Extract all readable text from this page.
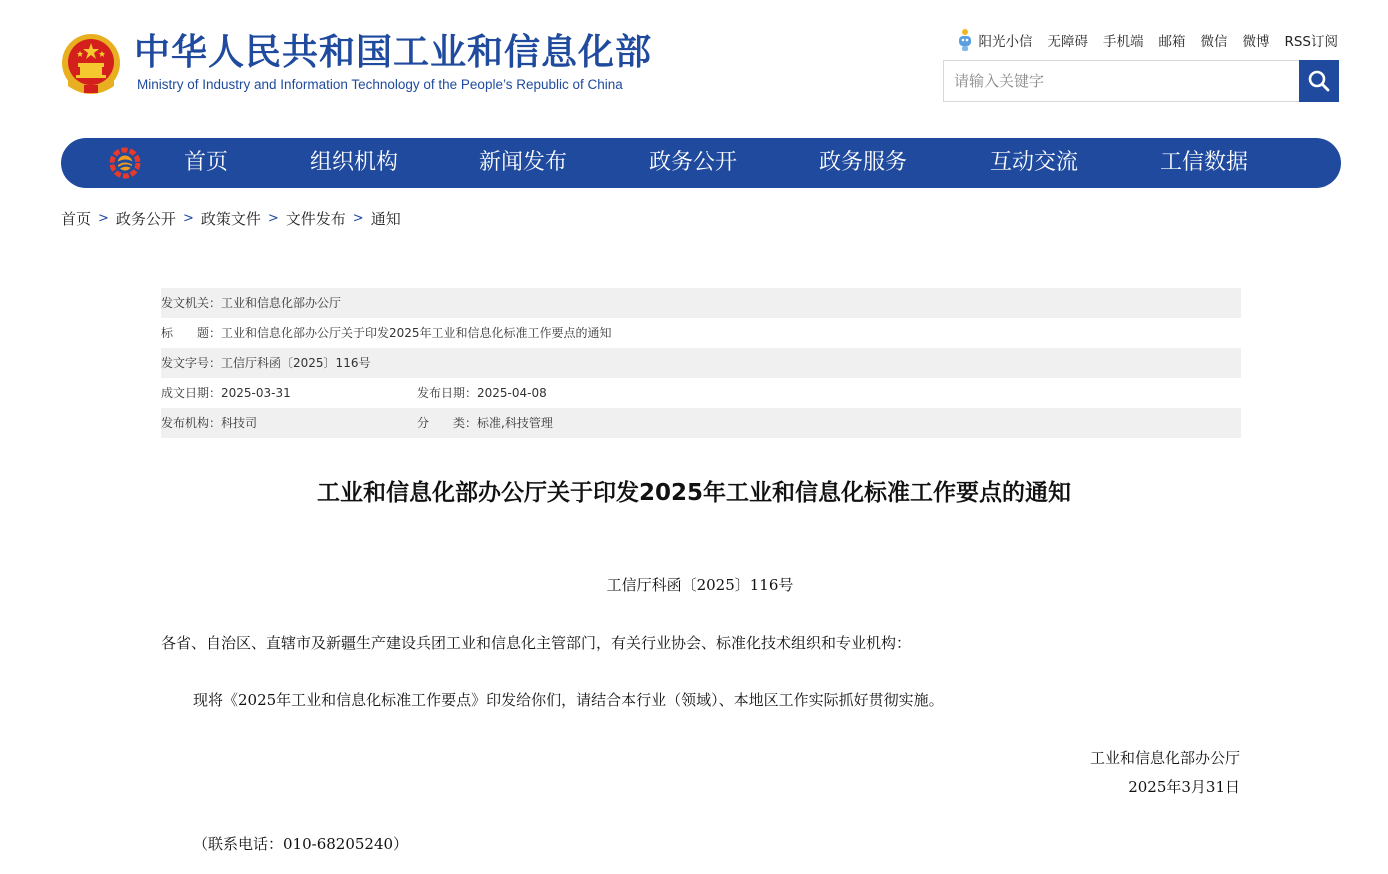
中华人民共和国工业和信息化部
Ministry of Industry and Information Technology of the People’s Republic of China
阳光小信 无障碍 手机端 邮箱 微信 微博 RSS订阅
请输入关键字
首页	组织机构	新闻发布	政务公开	政务服务	互动交流	工信数据
首页 > 政务公开 > 政策文件 > 文件发布 > 通知
发文机关：工业和信息化部办公厅
标　　题：工业和信息化部办公厅关于印发2025年工业和信息化标准工作要点的通知
发文字号：工信厅科函〔2025〕116号
成文日期：2025-03-31	发布日期：2025-04-08
发布机构：科技司	分　　类：标准,科技管理
工业和信息化部办公厅关于印发2025年工业和信息化标准工作要点的通知
工信厅科函〔2025〕116号
各省、自治区、直辖市及新疆生产建设兵团工业和信息化主管部门，有关行业协会、标准化技术组织和专业机构：
现将《2025年工业和信息化标准工作要点》印发给你们，请结合本行业（领域）、本地区工作实际抓好贯彻实施。
工业和信息化部办公厅
2025年3月31日
（联系电话：010-68205240）
